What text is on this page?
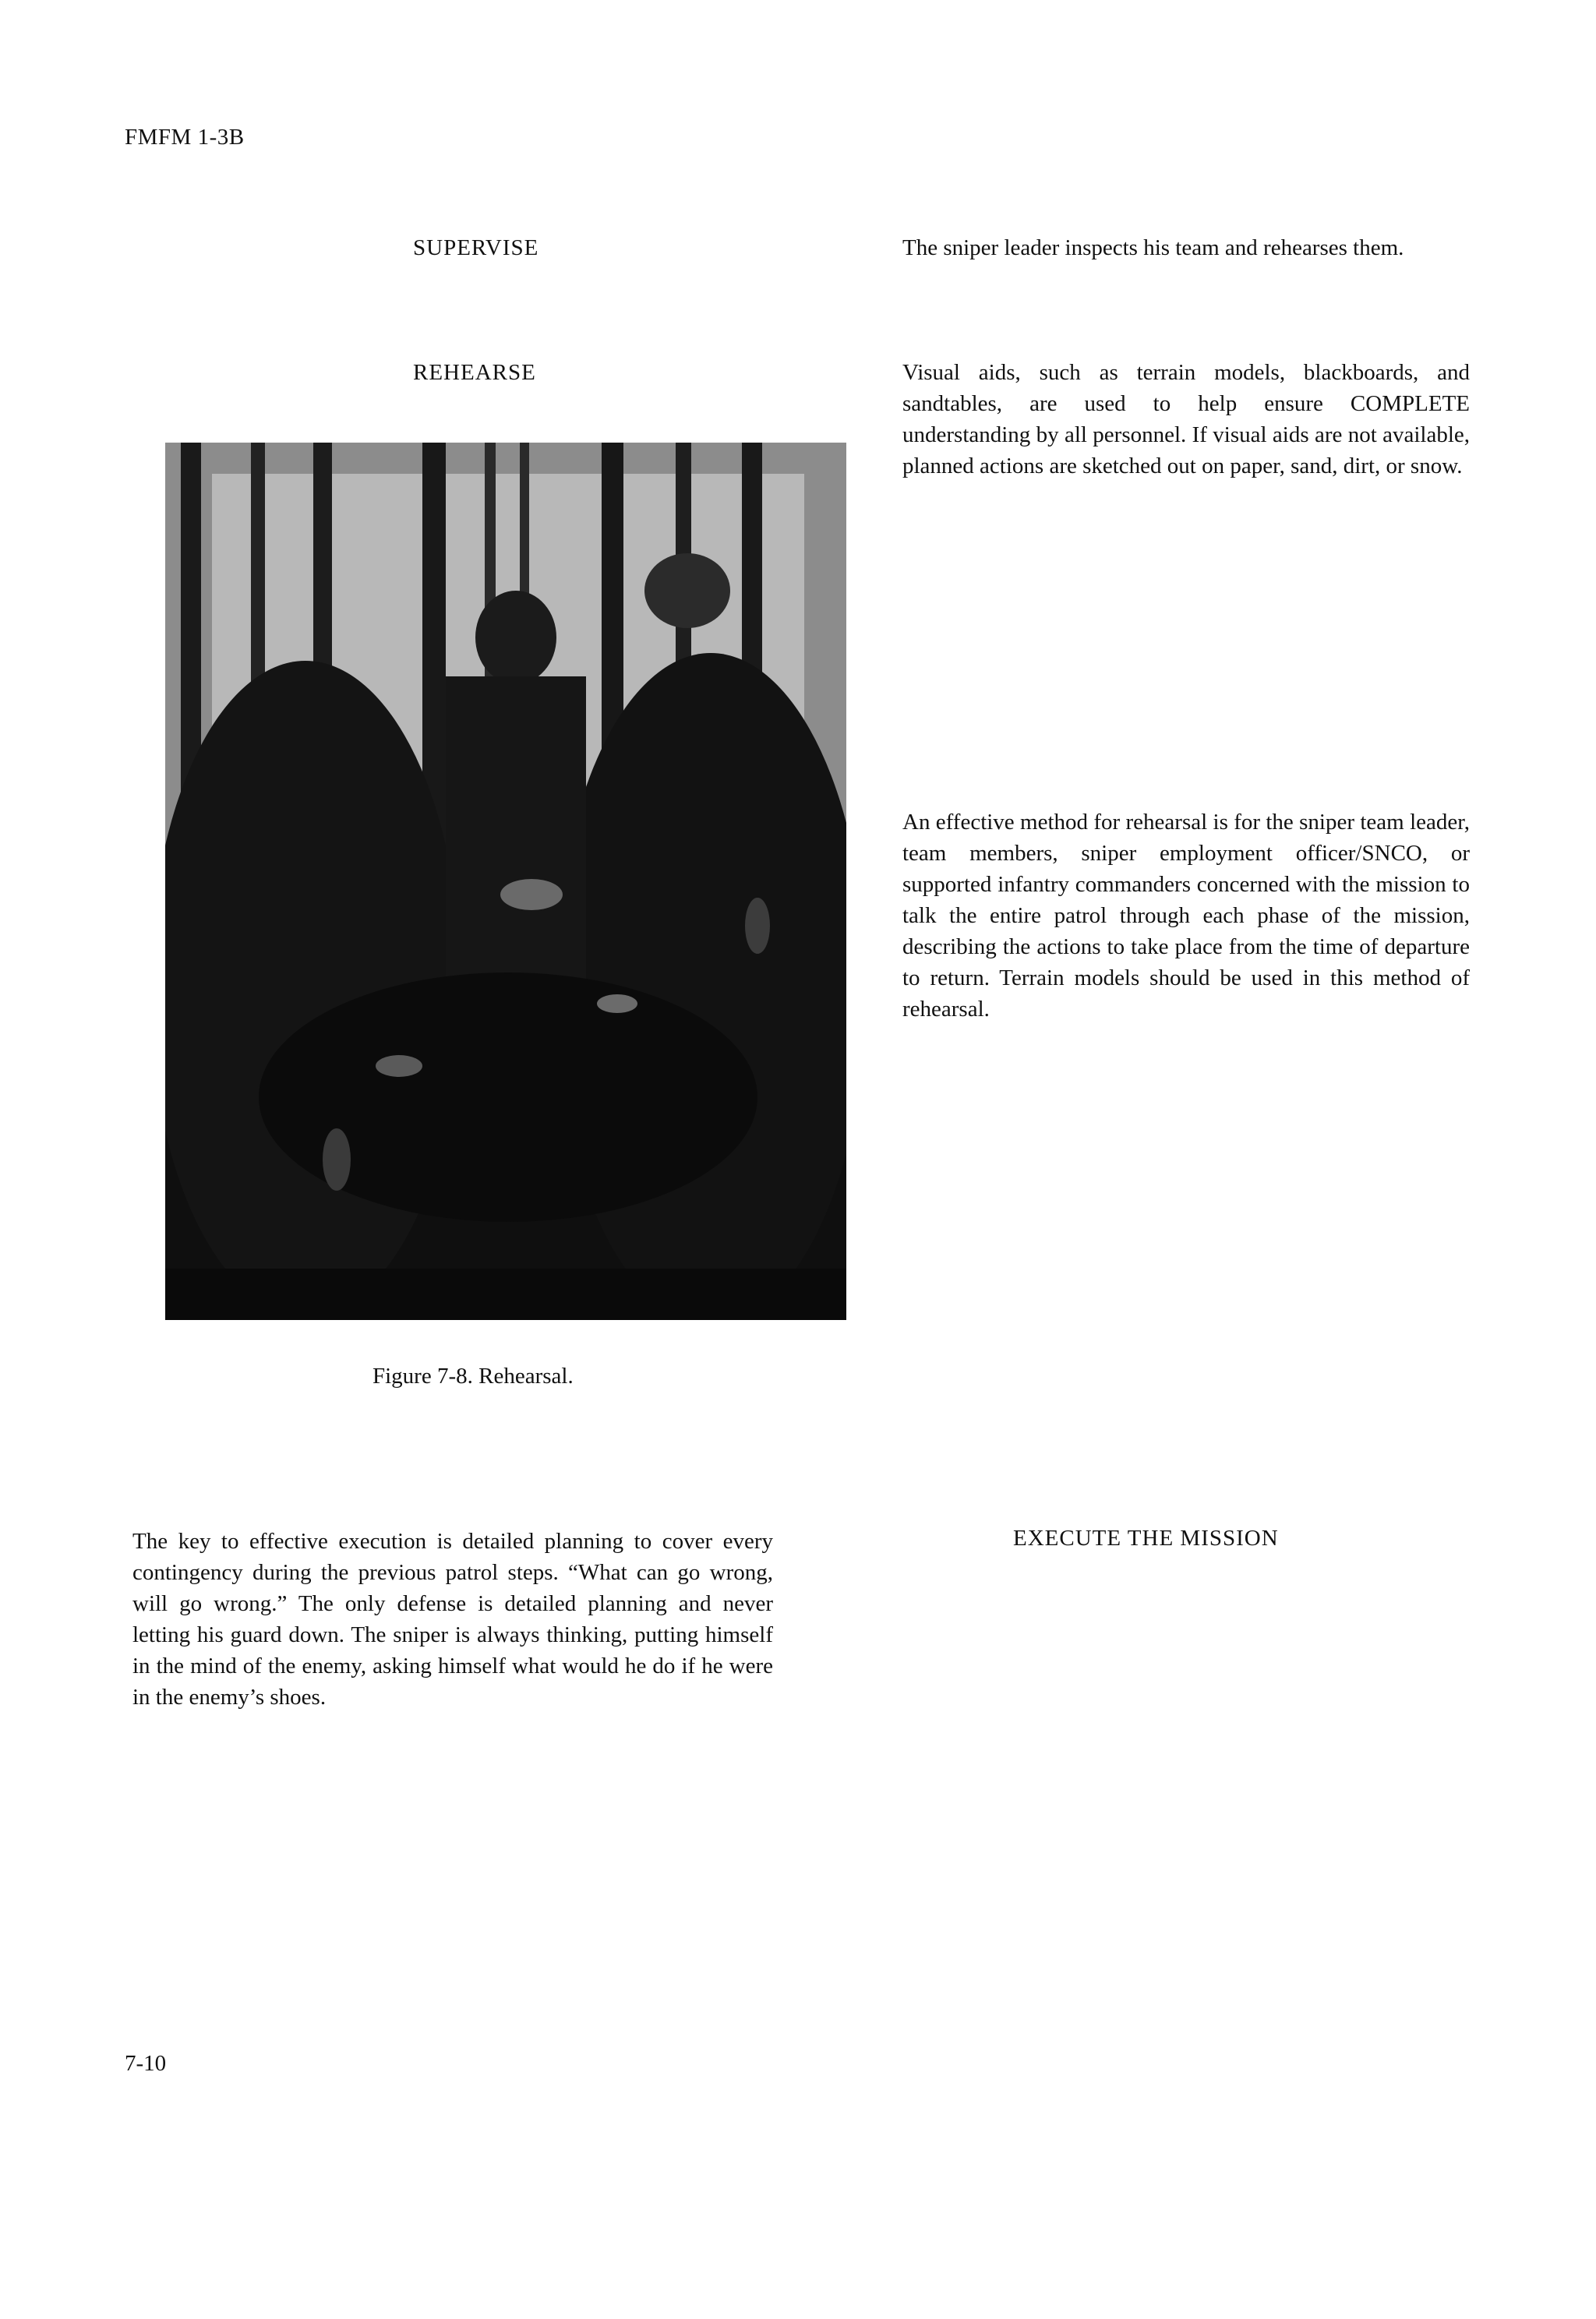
FMFM 1-3B
SUPERVISE	The sniper leader inspects his team and rehearses them.
REHEARSE	Visual aids, such as terrain models, blackboards, and sandtables, are used to help ensure COMPLETE understanding by all personnel. If visual aids are not available, planned actions are sketched out on paper, sand, dirt, or snow.
An effective method for rehearsal is for the sniper team leader, team members, sniper employment officer/SNCO, or supported infantry commanders concerned with the mission to talk the entire patrol through each phase of the mission, describing the actions to take place from the time of departure to return. Terrain models should be used in this method of rehearsal.
Figure 7-8. Rehearsal.
The key to effective execution is detailed planning to cover every contingency during the previous patrol steps. “What can go wrong, will go wrong.” The only defense is detailed planning and never letting his guard down. The sniper is always thinking, putting himself in the mind of the enemy, asking himself what would he do if he were in the enemy’s shoes.
EXECUTE THE MISSION
7-10
